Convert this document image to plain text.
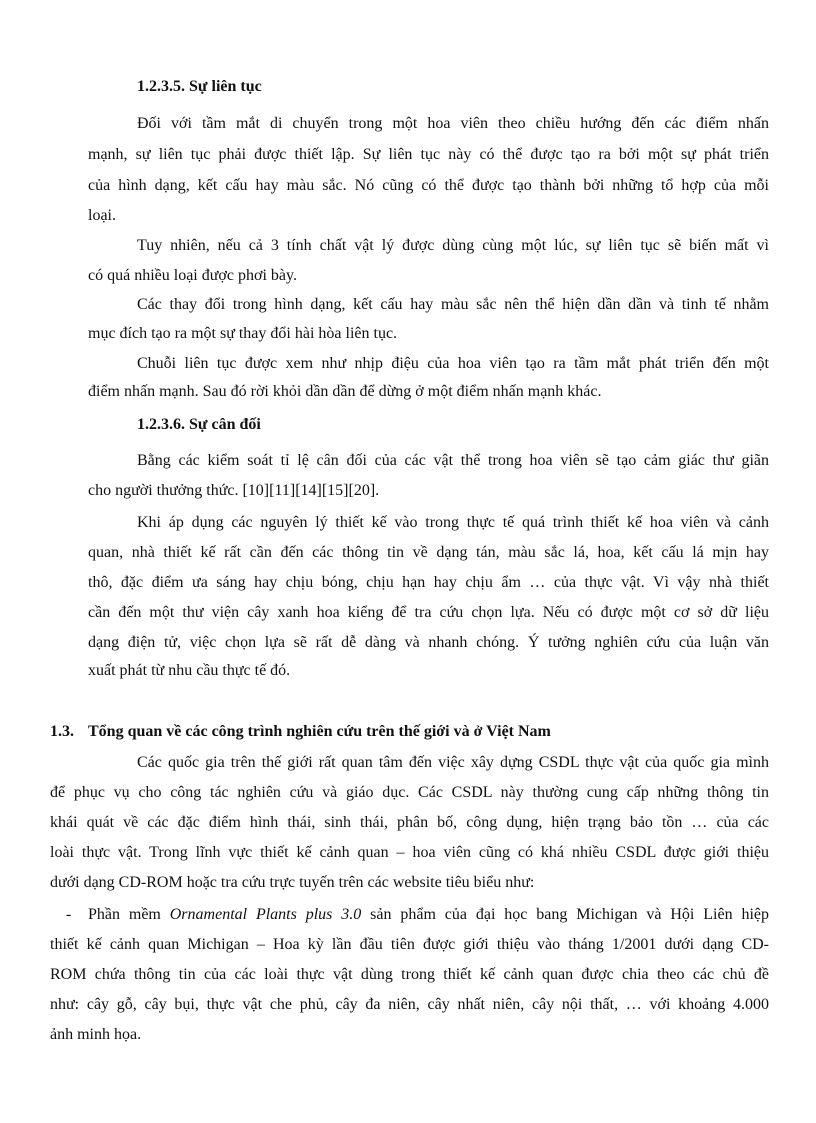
1.2.3.5. Sự liên tục
Đối với tầm mắt di chuyển trong một hoa viên theo chiều hướng đến các điểm nhấn
mạnh, sự liên tục phải được thiết lập. Sự liên tục này có thể được tạo ra bởi một sự phát triển
của hình dạng, kết cấu hay màu sắc. Nó cũng có thể được tạo thành bởi những tổ hợp của mỗi
loại.
Tuy nhiên, nếu cả 3 tính chất vật lý được dùng cùng một lúc, sự liên tục sẽ biến mất vì
có quá nhiều loại được phơi bày.
Các thay đổi trong hình dạng, kết cấu hay màu sắc nên thể hiện dần dần và tinh tế nhằm
mục đích tạo ra một sự thay đổi hài hòa liên tục.
Chuỗi liên tục được xem như nhịp điệu của hoa viên tạo ra tầm mắt phát triển đến một
điểm nhấn mạnh. Sau đó rời khỏi dần dần để dừng ở một điểm nhấn mạnh khác.
1.2.3.6. Sự cân đối
Bằng các kiểm soát tỉ lệ cân đối của các vật thể trong hoa viên sẽ tạo cảm giác thư giãn
cho người thưởng thức. [10][11][14][15][20].
Khi áp dụng các nguyên lý thiết kế vào trong thực tế quá trình thiết kế hoa viên và cảnh
quan, nhà thiết kế rất cần đến các thông tin về dạng tán, màu sắc lá, hoa, kết cấu lá mịn hay
thô, đặc điểm ưa sáng hay chịu bóng, chịu hạn hay chịu ẩm … của thực vật. Vì vậy nhà thiết
cần đến một thư viện cây xanh hoa kiểng để tra cứu chọn lựa. Nếu có được một cơ sở dữ liệu
dạng điện tử, việc chọn lựa sẽ rất dễ dàng và nhanh chóng. Ý tưởng nghiên cứu của luận văn
xuất phát từ nhu cầu thực tế đó.
1.3. Tổng quan về các công trình nghiên cứu trên thế giới và ở Việt Nam
Các quốc gia trên thế giới rất quan tâm đến việc xây dựng CSDL thực vật của quốc gia mình
để phục vụ cho công tác nghiên cứu và giáo dục. Các CSDL này thường cung cấp những thông tin
khái quát về các đặc điểm hình thái, sinh thái, phân bố, công dụng, hiện trạng bảo tồn … của các
loài thực vật. Trong lĩnh vực thiết kế cảnh quan – hoa viên cũng có khá nhiều CSDL được giới thiệu
dưới dạng CD-ROM hoặc tra cứu trực tuyến trên các website tiêu biểu như:
- Phần mềm Ornamental Plants plus 3.0 sản phẩm của đại học bang Michigan và Hội Liên hiệp
thiết kế cảnh quan Michigan – Hoa kỳ lần đầu tiên được giới thiệu vào tháng 1/2001 dưới dạng CD-
ROM chứa thông tin của các loài thực vật dùng trong thiết kế cảnh quan được chia theo các chủ đề
như: cây gỗ, cây bụi, thực vật che phủ, cây đa niên, cây nhất niên, cây nội thất, … với khoảng 4.000
ảnh minh họa.
